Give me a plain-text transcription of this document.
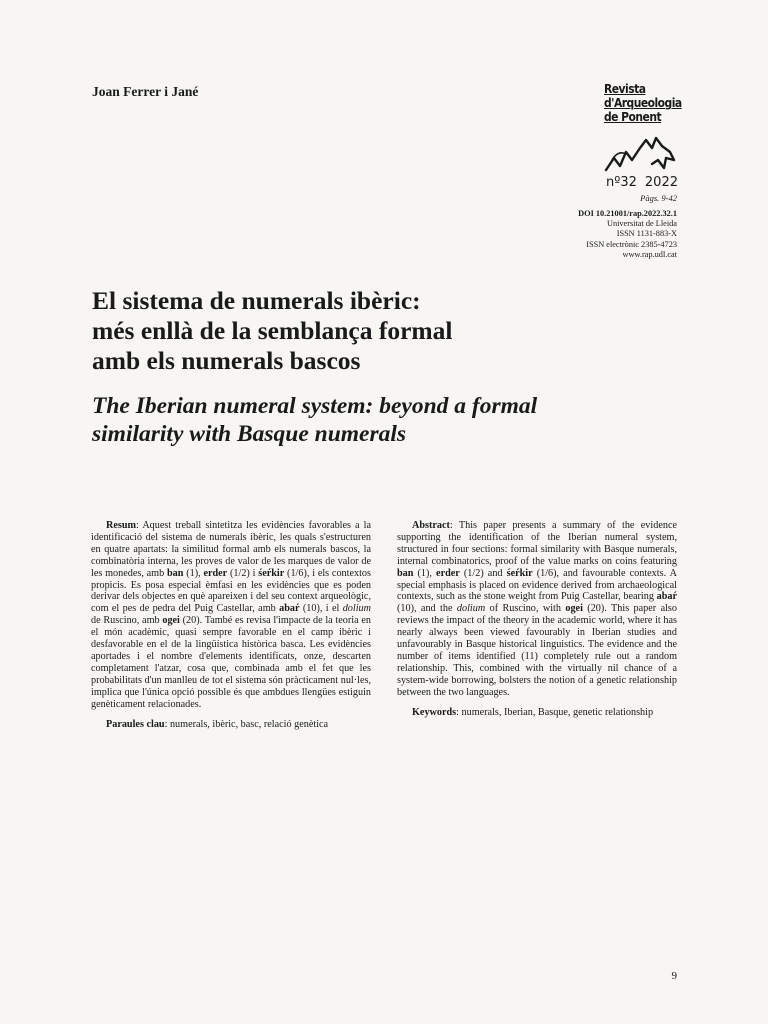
Joan Ferrer i Jané	Revista
d'Arqueologia
de Ponent
nº32 2022
Pàgs. 9-42
DOI 10.21001/rap.2022.32.1
Universitat de Lleida
ISSN 1131-883-X
ISSN electrònic 2385-4723
www.rap.udl.cat
El sistema de numerals ibèric:
més enllà de la semblança formal
amb els numerals bascos
The Iberian numeral system: beyond a formal
similarity with Basque numerals

Resum: Aquest treball sintetitza les evidències favorables a la identificació del sistema de numerals ibèric, les quals s'estructuren en quatre apartats: la similitud formal amb els numerals bascos, la combinatòria interna, les proves de valor de les marques de valor de les monedes, amb ban (1), erder (1/2) i śeŕkir (1/6), i els contextos propicis. Es posa especial èmfasi en les evidències que es poden derivar dels objectes en què apareixen i del seu context arqueològic, com el pes de pedra del Puig Castellar, amb abaŕ (10), i el dolium de Ruscino, amb ogei (20). També es revisa l'impacte de la teoria en el món acadèmic, quasi sempre favorable en el camp ibèric i desfavorable en el de la lingüística històrica basca. Les evidències aportades i el nombre d'elements identificats, onze, descarten completament l'atzar, cosa que, combinada amb el fet que les probabilitats d'un manlleu de tot el sistema són pràcticament nul·les, implica que l'única opció possible és que ambdues llengües estiguin genèticament relacionades.

Paraules clau: numerals, ibèric, basc, relació genètica

Abstract: This paper presents a summary of the evidence supporting the identification of the Iberian numeral system, structured in four sections: formal similarity with Basque numerals, internal combinatorics, proof of the value marks on coins featuring ban (1), erder (1/2) and śeŕkir (1/6), and favourable contexts. A special emphasis is placed on evidence derived from archaeological contexts, such as the stone weight from Puig Castellar, bearing abaŕ (10), and the dolium of Ruscino, with ogei (20). This paper also reviews the impact of the theory in the academic world, where it has nearly always been viewed favourably in Iberian studies and unfavourably in Basque historical linguistics. The evidence and the number of items identified (11) completely rule out a random relationship. This, combined with the virtually nil chance of a system-wide borrowing, bolsters the notion of a genetic relationship between the two languages.

Keywords: numerals, Iberian, Basque, genetic relationship

9
